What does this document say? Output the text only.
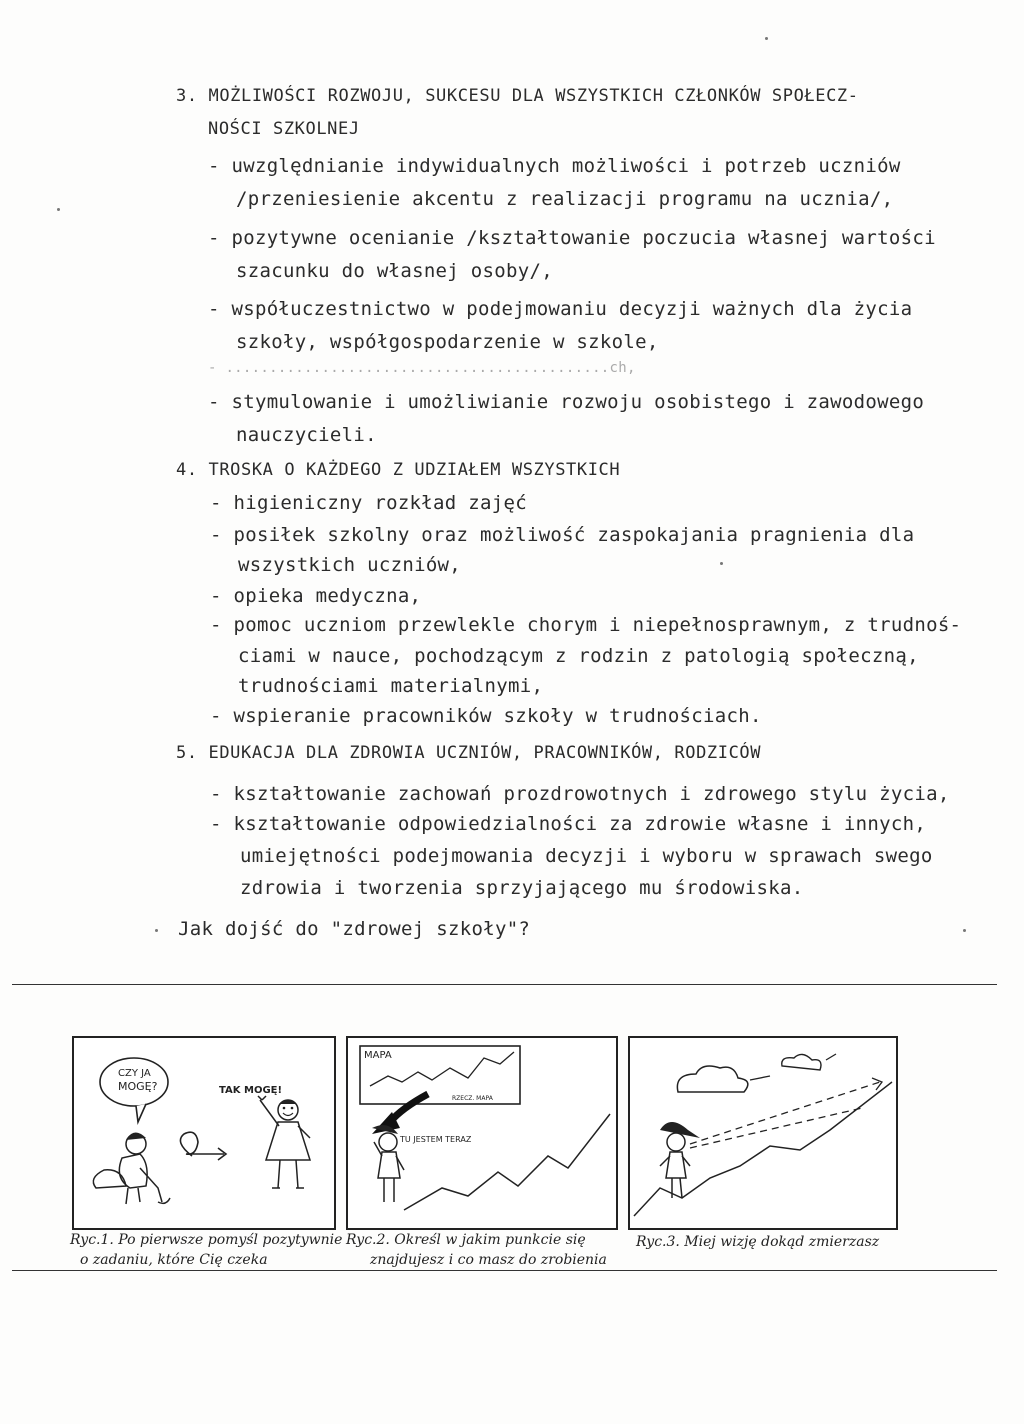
3. MOŻLIWOŚCI ROZWOJU, SUKCESU DLA WSZYSTKICH CZŁONKÓW SPOŁECZ-
NOŚCI SZKOLNEJ
- uwzględnianie indywidualnych możliwości i potrzeb uczniów
/przeniesienie akcentu z realizacji programu na ucznia/,
- pozytywne ocenianie /kształtowanie poczucia własnej wartości
szacunku do własnej osoby/,
- współuczestnictwo w podejmowaniu decyzji ważnych dla życia
szkoły, współgospodarzenie w szkole,
- ............................................ch,
- stymulowanie i umożliwianie rozwoju osobistego i zawodowego
nauczycieli.
4. TROSKA O KAŻDEGO Z UDZIAŁEM WSZYSTKICH
- higieniczny rozkład zajęć
- posiłek szkolny oraz możliwość zaspokajania pragnienia dla
wszystkich uczniów,
- opieka medyczna,
- pomoc uczniom przewlekle chorym i niepełnosprawnym, z trudnoś-
ciami w nauce, pochodzącym z rodzin z patologią społeczną,
trudnościami materialnymi,
- wspieranie pracowników szkoły w trudnościach.
5. EDUKACJA DLA ZDROWIA UCZNIÓW, PRACOWNIKÓW, RODZICÓW
- kształtowanie zachowań prozdrowotnych i zdrowego stylu życia,
- kształtowanie odpowiedzialności za zdrowie własne i innych,
umiejętności podejmowania decyzji i wyboru w sprawach swego
zdrowia i tworzenia sprzyjającego mu środowiska.
Jak dojść do "zdrowej szkoły"?
CZY JA
MOGĘ?	TAK MOGĘ!
MAPA
RZECZ. MAPA
TU JESTEM TERAZ
Ryc.1. Po pierwsze pomyśl pozytywnie
o zadaniu, które Cię czeka
Ryc.2. Określ w jakim punkcie się
znajdujesz i co masz do zrobienia
Ryc.3. Miej wizję dokąd zmierzasz
